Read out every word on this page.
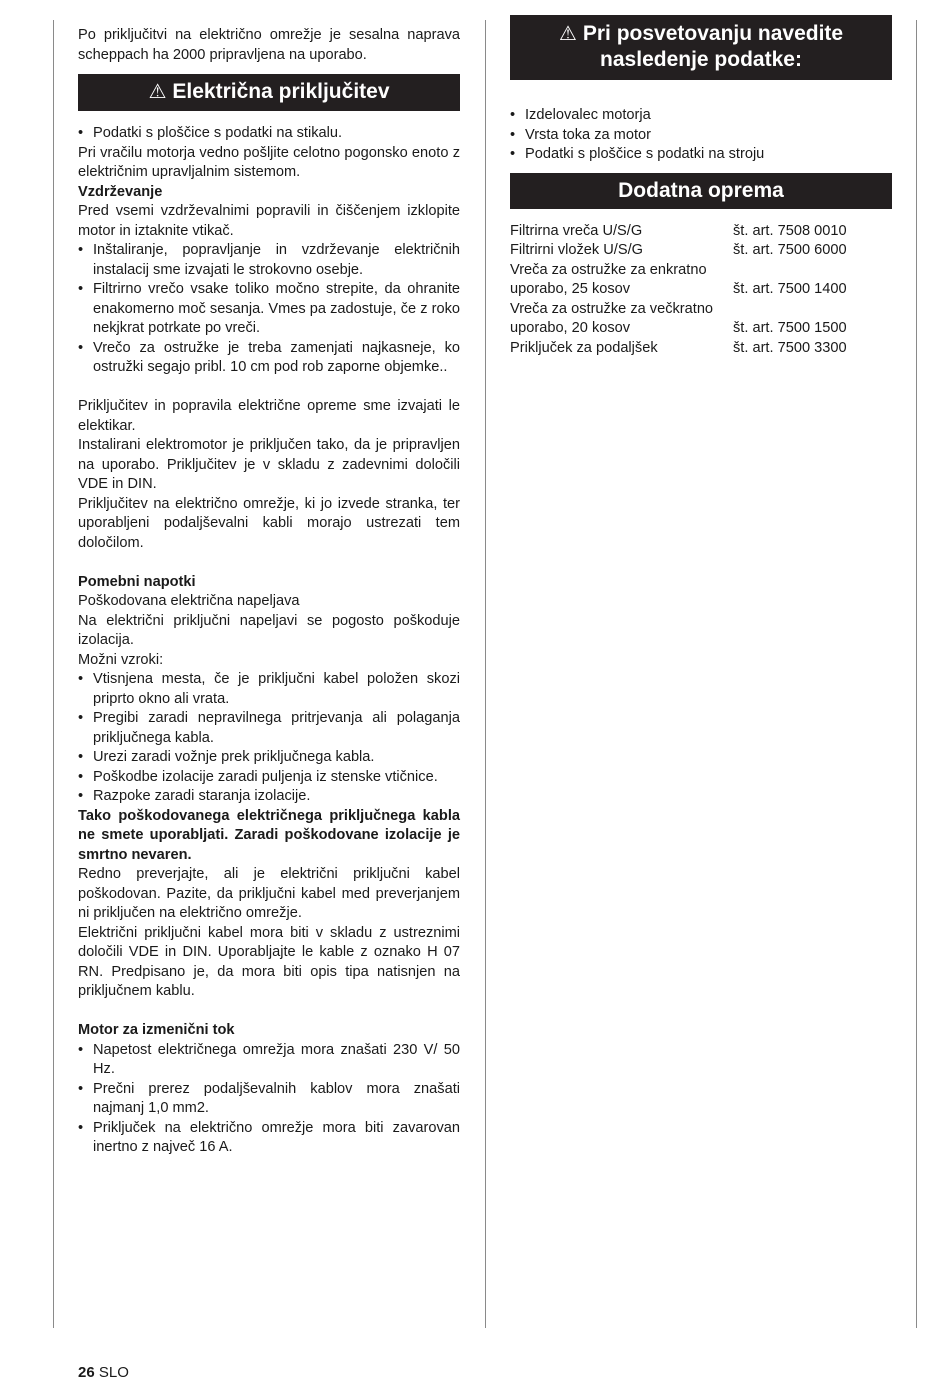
Po priključitvi na električno omrežje je sesalna naprava scheppach ha 2000 pripravljena na uporabo.

⚠ Električna priključitev
• Podatki s ploščice s podatki na stikalu.

Pri vračilu motorja vedno pošljite celotno pogonsko enoto z električnim upravljalnim sistemom.

Vzdrževanje

Pred vsemi vzdrževalnimi popravili in čiščenjem izklopite motor in iztaknite vtikač.

• Inštaliranje, popravljanje in vzdrževanje električnih instalacij sme izvajati le strokovno osebje.
• Filtrirno vrečo vsake toliko močno strepite, da ohranite enakomerno moč sesanja. Vmes pa zadostuje, če z roko nekjkrat potrkate po vreči.
• Vrečo za ostružke je treba zamenjati najkasneje, ko ostružki segajo pribl. 10 cm pod rob zaporne objemke..

Priključitev in popravila električne opreme sme izvajati le elektikar.

Instalirani elektromotor je priključen tako, da je pripravljen na uporabo. Priključitev je v skladu z zadevnimi določili VDE in DIN.

Priključitev na električno omrežje, ki jo izvede stranka, ter uporabljeni podaljševalni kabli morajo ustrezati tem določilom.

Pomebni napotki

Poškodovana električna napeljava

Na električni priključni napeljavi se pogosto poškoduje izolacija.

Možni vzroki:

• Vtisnjena mesta, če je priključni kabel položen skozi priprto okno ali vrata.
• Pregibi zaradi nepravilnega pritrjevanja ali polaganja priključnega kabla.
• Urezi zaradi vožnje prek priključnega kabla.
• Poškodbe izolacije zaradi puljenja iz stenske vtičnice.
• Razpoke zaradi staranja izolacije.

Tako poškodovanega električnega priključnega kabla ne smete uporabljati. Zaradi poškodovane izolacije je smrtno nevaren.

Redno preverjajte, ali je električni priključni kabel poškodovan. Pazite, da priključni kabel med preverjanjem ni priključen na električno omrežje.

Električni priključni kabel mora biti v skladu z ustreznimi določili VDE in DIN. Uporabljajte le kable z oznako H 07 RN. Predpisano je, da mora biti opis tipa natisnjen na priključnem kablu.

Motor za izmenični tok

• Napetost električnega omrežja mora znašati 230 V/ 50 Hz.
• Prečni prerez podaljševalnih kablov mora znašati najmanj 1,0 mm2.
• Priključek na električno omrežje mora biti zavarovan inertno z največ 16 A.
⚠ Pri posvetovanju navedite nasledenje podatke:
• Izdelovalec motorja
• Vrsta toka za motor
• Podatki s ploščice s podatki na stroju
Dodatna oprema
Filtrirna vreča U/S/G	št. art. 7508 0010
Filtrirni vložek U/S/G	št. art. 7500 6000
Vreča za ostružke za enkratno
uporabo, 25 kosov	št. art. 7500 1400
Vreča za ostružke za večkratno
uporabo, 20 kosov	št. art. 7500 1500
Priključek za podaljšek	št. art. 7500 3300
26 SLO
